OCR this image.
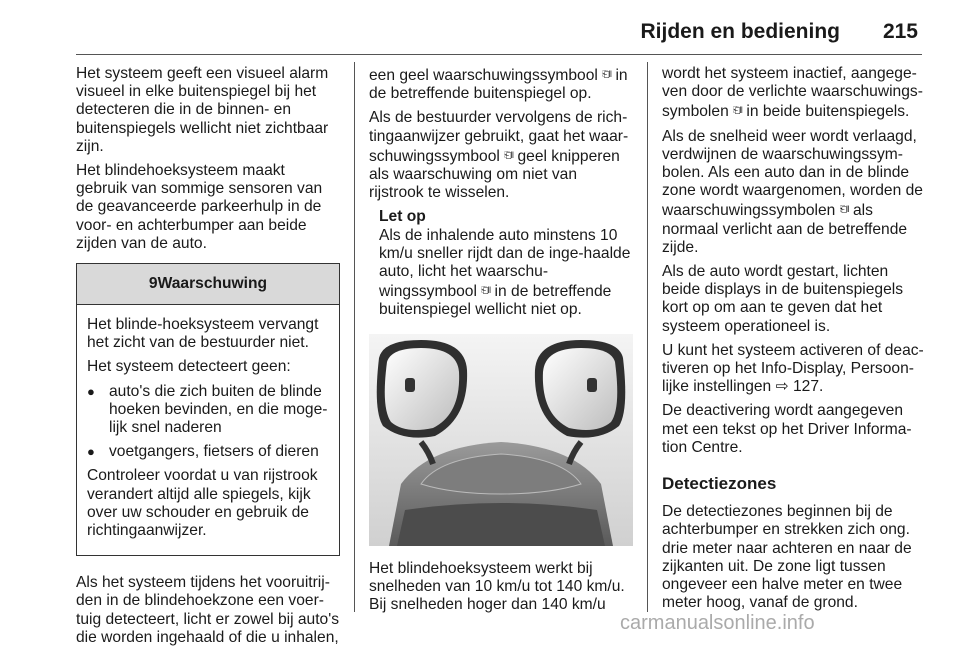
Rijden en bediening 215

Het systeem geeft een visueel alarm visueel in elke buitenspiegel bij het detecteren die in de binnen- en buitenspiegels wellicht niet zichtbaar zijn.

Het blindehoeksysteem maakt gebruik van sommige sensoren van de geavanceerde parkeerhulp in de voor- en achterbumper aan beide zijden van de auto.

9Waarschuwing

Het blinde-hoeksysteem vervangt het zicht van de bestuurder niet.

Het systeem detecteert geen:

● auto's die zich buiten de blinde hoeken bevinden, en die moge-lijk snel naderen
● voetgangers, fietsers of dieren

Controleer voordat u van rijstrook verandert altijd alle spiegels, kijk over uw schouder en gebruik de richtingaanwijzer.

Als het systeem tijdens het vooruitrij-den in de blindehoekzone een voer-tuig detecteert, licht er zowel bij auto's die worden ingehaald of die u inhalen,

een geel waarschuwingssymbool ⎗‖ in de betreffende buitenspiegel op.

Als de bestuurder vervolgens de rich-tingaanwijzer gebruikt, gaat het waar-schuwingssymbool ⎗‖ geel knipperen als waarschuwing om niet van rijstrook te wisselen.

Let op
Als de inhalende auto minstens 10 km/u sneller rijdt dan de inge-haalde auto, licht het waarschu-wingssymbool ⎗‖ in de betreffende buitenspiegel wellicht niet op.

Het blindehoeksysteem werkt bij snelheden van 10 km/u tot 140 km/u. Bij snelheden hoger dan 140 km/u

wordt het systeem inactief, aangege-ven door de verlichte waarschuwings-symbolen ⎗‖ in beide buitenspiegels.

Als de snelheid weer wordt verlaagd, verdwijnen de waarschuwingssym-bolen. Als een auto dan in de blinde zone wordt waargenomen, worden de waarschuwingssymbolen ⎗‖ als normaal verlicht aan de betreffende zijde.

Als de auto wordt gestart, lichten beide displays in de buitenspiegels kort op om aan te geven dat het systeem operationeel is.

U kunt het systeem activeren of deac-tiveren op het Info-Display, Persoon-lijke instellingen ⇨ 127.

De deactivering wordt aangegeven met een tekst op het Driver Informa-tion Centre.

Detectiezones

De detectiezones beginnen bij de achterbumper en strekken zich ong. drie meter naar achteren en naar de zijkanten uit. De zone ligt tussen ongeveer een halve meter en twee meter hoog, vanaf de grond.

carmanualsonline.info
